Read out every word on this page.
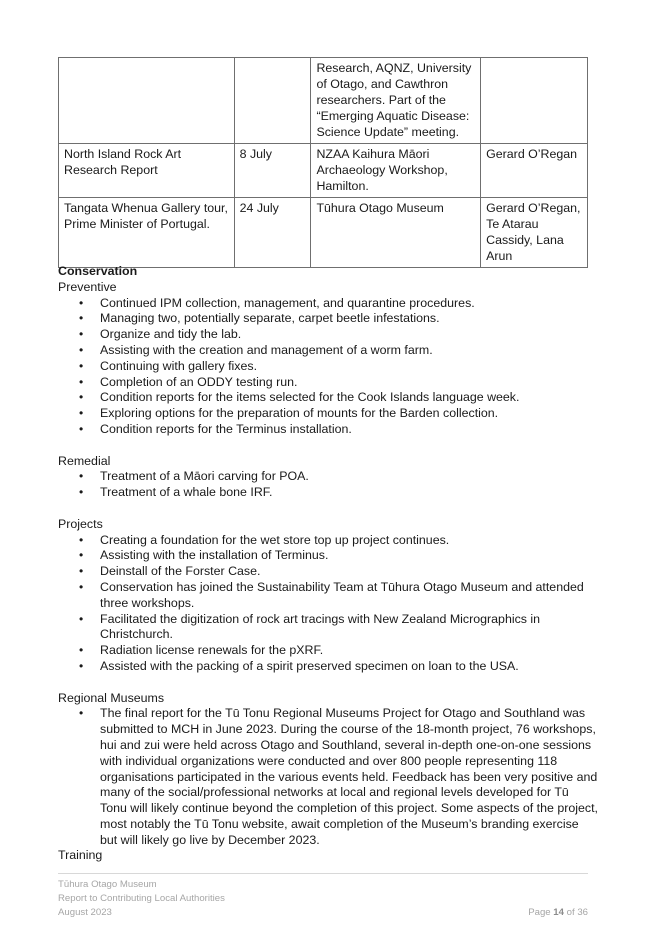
		Research, AQNZ, University of Otago, and Cawthron researchers. Part of the “Emerging Aquatic Disease: Science Update” meeting.	
North Island Rock Art Research Report	8 July	NZAA Kaihura Māori Archaeology Workshop, Hamilton.	Gerard O’Regan
Tangata Whenua Gallery tour, Prime Minister of Portugal.	24 July	Tūhura Otago Museum	Gerard O’Regan, Te Atarau Cassidy, Lana Arun

Conservation

Preventive

• Continued IPM collection, management, and quarantine procedures.
• Managing two, potentially separate, carpet beetle infestations.
• Organize and tidy the lab.
• Assisting with the creation and management of a worm farm.
• Continuing with gallery fixes.
• Completion of an ODDY testing run.
• Condition reports for the items selected for the Cook Islands language week.
• Exploring options for the preparation of mounts for the Barden collection.
• Condition reports for the Terminus installation.

Remedial

• Treatment of a Māori carving for POA.
• Treatment of a whale bone IRF.

Projects

• Creating a foundation for the wet store top up project continues.
• Assisting with the installation of Terminus.
• Deinstall of the Forster Case.
• Conservation has joined the Sustainability Team at Tūhura Otago Museum and attended three workshops.
• Facilitated the digitization of rock art tracings with New Zealand Micrographics in Christchurch.
• Radiation license renewals for the pXRF.
• Assisted with the packing of a spirit preserved specimen on loan to the USA.

Regional Museums

• The final report for the Tū Tonu Regional Museums Project for Otago and Southland was submitted to MCH in June 2023. During the course of the 18-month project, 76 workshops, hui and zui were held across Otago and Southland, several in-depth one-on-one sessions with individual organizations were conducted and over 800 people representing 118 organisations participated in the various events held. Feedback has been very positive and many of the social/professional networks at local and regional levels developed for Tū Tonu will likely continue beyond the completion of this project. Some aspects of the project, most notably the Tū Tonu website, await completion of the Museum’s branding exercise but will likely go live by December 2023.

Training

Tūhura Otago Museum
Report to Contributing Local Authorities
August 2023	Page 14 of 36
